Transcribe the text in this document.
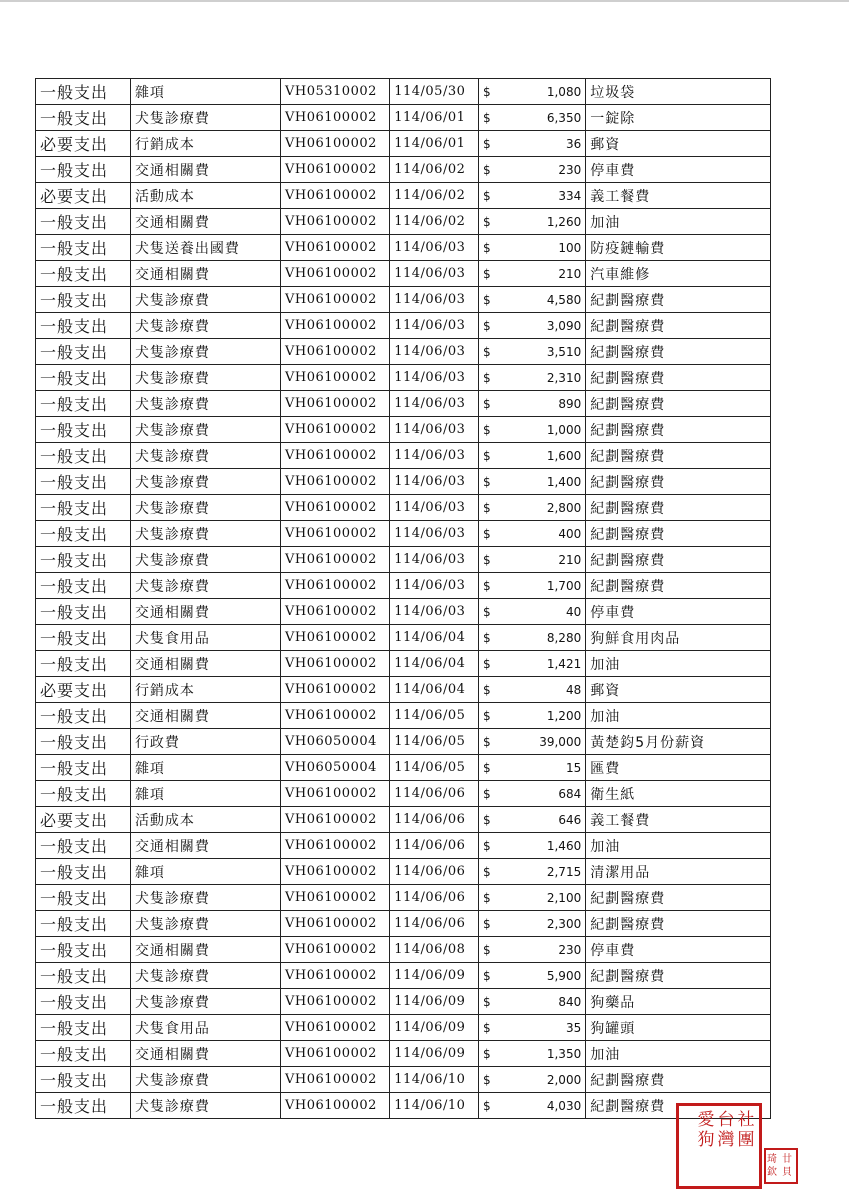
一般支出	雜項	VH05310002	114/05/30	$ 1,080	垃圾袋
一般支出	犬隻診療費	VH06100002	114/06/01	$ 6,350	一錠除
必要支出	行銷成本	VH06100002	114/06/01	$ 36	郵資
一般支出	交通相關費	VH06100002	114/06/02	$ 230	停車費
必要支出	活動成本	VH06100002	114/06/02	$ 334	義工餐費
一般支出	交通相關費	VH06100002	114/06/02	$ 1,260	加油
一般支出	犬隻送養出國費	VH06100002	114/06/03	$ 100	防疫鏈輸費
一般支出	交通相關費	VH06100002	114/06/03	$ 210	汽車維修
一般支出	犬隻診療費	VH06100002	114/06/03	$ 4,580	紀劃醫療費
一般支出	犬隻診療費	VH06100002	114/06/03	$ 3,090	紀劃醫療費
一般支出	犬隻診療費	VH06100002	114/06/03	$ 3,510	紀劃醫療費
一般支出	犬隻診療費	VH06100002	114/06/03	$ 2,310	紀劃醫療費
一般支出	犬隻診療費	VH06100002	114/06/03	$ 890	紀劃醫療費
一般支出	犬隻診療費	VH06100002	114/06/03	$ 1,000	紀劃醫療費
一般支出	犬隻診療費	VH06100002	114/06/03	$ 1,600	紀劃醫療費
一般支出	犬隻診療費	VH06100002	114/06/03	$ 1,400	紀劃醫療費
一般支出	犬隻診療費	VH06100002	114/06/03	$ 2,800	紀劃醫療費
一般支出	犬隻診療費	VH06100002	114/06/03	$ 400	紀劃醫療費
一般支出	犬隻診療費	VH06100002	114/06/03	$ 210	紀劃醫療費
一般支出	犬隻診療費	VH06100002	114/06/03	$ 1,700	紀劃醫療費
一般支出	交通相關費	VH06100002	114/06/03	$ 40	停車費
一般支出	犬隻食用品	VH06100002	114/06/04	$ 8,280	狗鮮食用肉品
一般支出	交通相關費	VH06100002	114/06/04	$ 1,421	加油
必要支出	行銷成本	VH06100002	114/06/04	$ 48	郵資
一般支出	交通相關費	VH06100002	114/06/05	$ 1,200	加油
一般支出	行政費	VH06050004	114/06/05	$ 39,000	黃楚鈞5月份薪資
一般支出	雜項	VH06050004	114/06/05	$ 15	匯費
一般支出	雜項	VH06100002	114/06/06	$ 684	衛生紙
必要支出	活動成本	VH06100002	114/06/06	$ 646	義工餐費
一般支出	交通相關費	VH06100002	114/06/06	$ 1,460	加油
一般支出	雜項	VH06100002	114/06/06	$ 2,715	清潔用品
一般支出	犬隻診療費	VH06100002	114/06/06	$ 2,100	紀劃醫療費
一般支出	犬隻診療費	VH06100002	114/06/06	$ 2,300	紀劃醫療費
一般支出	交通相關費	VH06100002	114/06/08	$ 230	停車費
一般支出	犬隻診療費	VH06100002	114/06/09	$ 5,900	紀劃醫療費
一般支出	犬隻診療費	VH06100002	114/06/09	$ 840	狗藥品
一般支出	犬隻食用品	VH06100002	114/06/09	$ 35	狗罐頭
一般支出	交通相關費	VH06100002	114/06/09	$ 1,350	加油
一般支出	犬隻診療費	VH06100002	114/06/10	$ 2,000	紀劃醫療費
一般支出	犬隻診療費	VH06100002	114/06/10	$ 4,030	紀劃醫療費
社團
台灣
愛狗
廿貝
琦欽
